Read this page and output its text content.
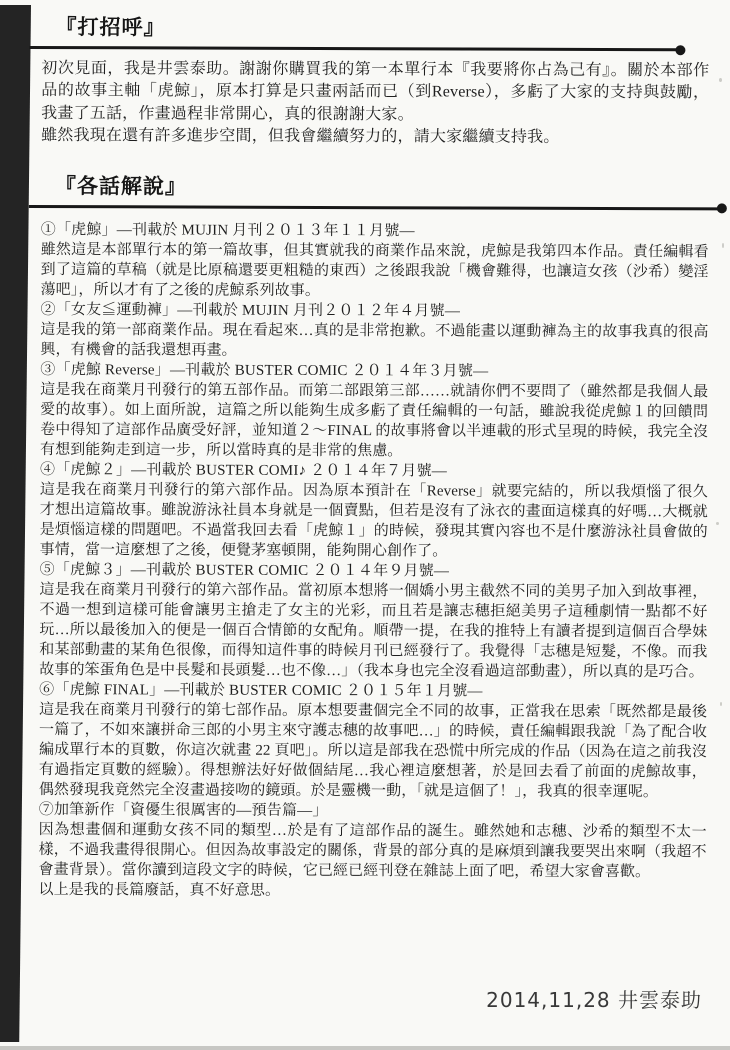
『打招呼』

初次見面，我是井雲泰助。謝謝你購買我的第一本單行本『我要將你占為己有』。關於本部作品的故事主軸「虎鯨」，原本打算是只畫兩話而已（到Reverse），多虧了大家的支持與鼓勵，我畫了五話，作畫過程非常開心，真的很謝謝大家。

雖然我現在還有許多進步空間，但我會繼續努力的，請大家繼續支持我。

『各話解說』
①「虎鯨」—刊載於 MUJIN 月刊２０１３年１１月號—
雖然這是本部單行本的第一篇故事，但其實就我的商業作品來說，虎鯨是我第四本作品。責任編輯看到了這篇的草稿（就是比原稿還要更粗糙的東西）之後跟我說「機會難得，也讓這女孩（沙希）變淫蕩吧」，所以才有了之後的虎鯨系列故事。
②「女友≦運動褲」—刊載於 MUJIN 月刊２０１２年４月號—
這是我的第一部商業作品。現在看起來…真的是非常抱歉。不過能畫以運動褲為主的故事我真的很高興，有機會的話我還想再畫。
③「虎鯨 Reverse」—刊載於 BUSTER COMIC ２０１４年３月號—
這是我在商業月刊發行的第五部作品。而第二部跟第三部……就請你們不要問了（雖然都是我個人最愛的故事）。如上面所說，這篇之所以能夠生成多虧了責任編輯的一句話，雖說我從虎鯨１的回饋問卷中得知了這部作品廣受好評，並知道２～FINAL 的故事將會以半連載的形式呈現的時候，我完全沒有想到能夠走到這一步，所以當時真的是非常的焦慮。
④「虎鯨２」—刊載於 BUSTER COMI♪ ２０１４年７月號—
這是我在商業月刊發行的第六部作品。因為原本預計在「Reverse」就要完結的，所以我煩惱了很久才想出這篇故事。雖說游泳社員本身就是一個賣點，但若是沒有了泳衣的畫面這樣真的好嗎…大概就是煩惱這樣的問題吧。不過當我回去看「虎鯨１」的時候，發現其實內容也不是什麼游泳社員會做的事情，當一這麼想了之後，便覺茅塞頓開，能夠開心創作了。
⑤「虎鯨３」—刊載於 BUSTER COMIC ２０１４年９月號—
這是我在商業月刊發行的第六部作品。當初原本想將一個嬌小男主截然不同的美男子加入到故事裡，不過一想到這樣可能會讓男主搶走了女主的光彩，而且若是讓志穗拒絕美男子這種劇情一點都不好玩…所以最後加入的便是一個百合情節的女配角。順帶一提，在我的推特上有讀者提到這個百合學妹和某部動畫的某角色很像，而得知這件事的時候月刊已經發行了。我覺得「志穗是短髮，不像。而我故事的笨蛋角色是中長髮和長頭髮…也不像…」（我本身也完全沒看過這部動畫），所以真的是巧合。
⑥「虎鯨 FINAL」—刊載於 BUSTER COMIC ２０１５年１月號—
這是我在商業月刊發行的第七部作品。原本想要畫個完全不同的故事，正當我在思索「既然都是最後一篇了，不如來讓拼命三郎的小男主來守護志穗的故事吧…」的時候，責任編輯跟我說「為了配合收編成單行本的頁數，你這次就畫 22 頁吧」。所以這是部我在恐慌中所完成的作品（因為在這之前我沒有過指定頁數的經驗）。得想辦法好好做個結尾…我心裡這麼想著，於是回去看了前面的虎鯨故事，偶然發現我竟然完全沒畫過接吻的鏡頭。於是靈機一動，「就是這個了！」，我真的很幸運呢。
⑦加筆新作「資優生很厲害的—預告篇—」
因為想畫個和運動女孩不同的類型…於是有了這部作品的誕生。雖然她和志穗、沙希的類型不太一樣，不過我畫得很開心。但因為故事設定的關係，背景的部分真的是麻煩到讓我要哭出來啊（我超不會畫背景）。當你讀到這段文字的時候，它已經已經刊登在雜誌上面了吧，希望大家會喜歡。
以上是我的長篇廢話，真不好意思。
2014,11,28 井雲泰助
